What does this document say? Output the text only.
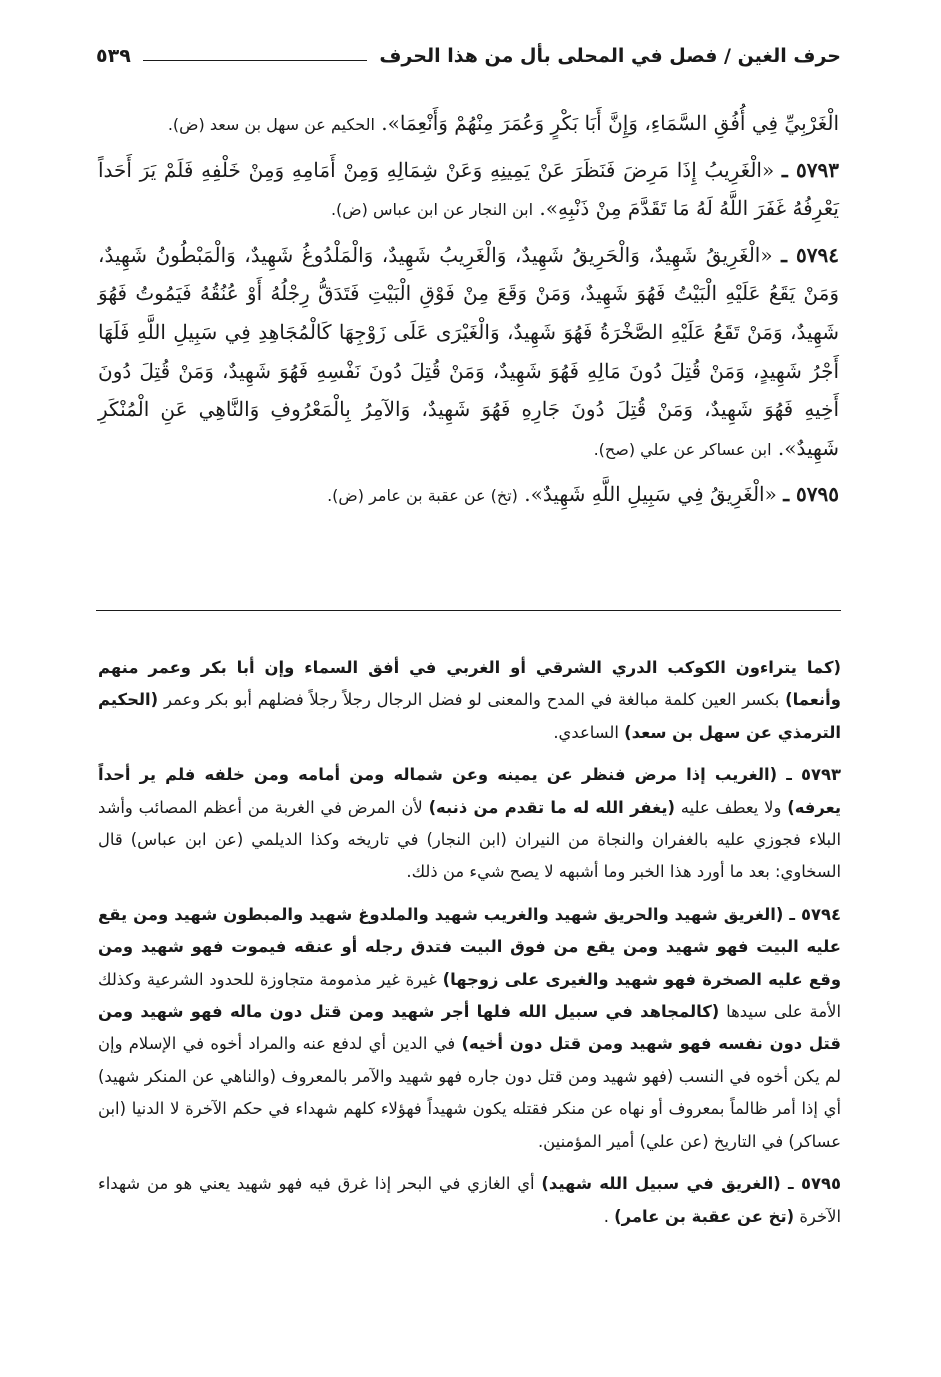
حرف الغين / فصل في المحلى بأل من هذا الحرف
٥٣٩

الْغَرْبِيِّ فِي أُفُقِ السَّمَاءِ، وَإِنَّ أَبَا بَكْرٍ وَعُمَرَ مِنْهُمْ وَأَنْعِمَا». الحكيم عن سهل بن سعد (ض).

٥٧٩٣ ـ «الْغَرِيبُ إِذَا مَرِضَ فَنَظَرَ عَنْ يَمِينِهِ وَعَنْ شِمَالِهِ وَمِنْ أَمَامِهِ وَمِنْ خَلْفِهِ فَلَمْ يَرَ أَحَداً يَعْرِفُهُ غَفَرَ اللَّهُ لَهُ مَا تَقَدَّمَ مِنْ ذَنْبِهِ». ابن النجار عن ابن عباس (ض).

٥٧٩٤ ـ «الْغَرِيقُ شَهِيدٌ، وَالْحَرِيقُ شَهِيدٌ، وَالْغَرِيبُ شَهِيدٌ، وَالْمَلْدُوغُ شَهِيدٌ، وَالْمَبْطُونُ شَهِيدٌ، وَمَنْ يَقَعُ عَلَيْهِ الْبَيْتُ فَهُوَ شَهِيدٌ، وَمَنْ وَقَعَ مِنْ فَوْقِ الْبَيْتِ فَتَدَقُّ رِجْلُهُ أَوْ عُنُقُهُ فَيَمُوتُ فَهُوَ شَهِيدٌ، وَمَنْ تَقَعُ عَلَيْهِ الصَّخْرَةُ فَهُوَ شَهِيدٌ، وَالْغَيْرَى عَلَى زَوْجِهَا كَالْمُجَاهِدِ فِي سَبِيلِ اللَّهِ فَلَهَا أَجْرُ شَهِيدٍ، وَمَنْ قُتِلَ دُونَ مَالِهِ فَهُوَ شَهِيدٌ، وَمَنْ قُتِلَ دُونَ نَفْسِهِ فَهُوَ شَهِيدٌ، وَمَنْ قُتِلَ دُونَ أَخِيهِ فَهُوَ شَهِيدٌ، وَمَنْ قُتِلَ دُونَ جَارِهِ فَهُوَ شَهِيدٌ، وَالآمِرُ بِالْمَعْرُوفِ وَالنَّاهِي عَنِ الْمُنْكَرِ شَهِيدٌ». ابن عساكر عن علي (صح).

٥٧٩٥ ـ «الْغَرِيقُ فِي سَبِيلِ اللَّهِ شَهِيدٌ». (تخ) عن عقبة بن عامر (ض).

(كما يتراءون الكوكب الدري الشرقي أو الغربي في أفق السماء وإن أبا بكر وعمر منهم وأنعما) بكسر العين كلمة مبالغة في المدح والمعنى لو فضل الرجال رجلاً رجلاً فضلهم أبو بكر وعمر (الحكيم الترمذي عن سهل بن سعد) الساعدي.

٥٧٩٣ ـ (الغريب إذا مرض فنظر عن يمينه وعن شماله ومن أمامه ومن خلفه فلم ير أحداً يعرفه) ولا يعطف عليه (يغفر الله له ما تقدم من ذنبه) لأن المرض في الغربة من أعظم المصائب وأشد البلاء فجوزي عليه بالغفران والنجاة من النيران (ابن النجار) في تاريخه وكذا الديلمي (عن ابن عباس) قال السخاوي: بعد ما أورد هذا الخبر وما أشبهه لا يصح شيء من ذلك.

٥٧٩٤ ـ (الغريق شهيد والحريق شهيد والغريب شهيد والملدوغ شهيد والمبطون شهيد ومن يقع عليه البيت فهو شهيد ومن يقع من فوق البيت فتدق رجله أو عنقه فيموت فهو شهيد ومن وقع عليه الصخرة فهو شهيد والغيرى على زوجها) غيرة غير مذمومة متجاوزة للحدود الشرعية وكذلك الأمة على سيدها (كالمجاهد في سبيل الله فلها أجر شهيد ومن قتل دون ماله فهو شهيد ومن قتل دون نفسه فهو شهيد ومن قتل دون أخيه) في الدين أي لدفع عنه والمراد أخوه في الإسلام وإن لم يكن أخوه في النسب (فهو شهيد ومن قتل دون جاره فهو شهيد والآمر بالمعروف (والناهي عن المنكر شهيد) أي إذا أمر ظالماً بمعروف أو نهاه عن منكر فقتله يكون شهيداً فهؤلاء كلهم شهداء في حكم الآخرة لا الدنيا (ابن عساكر) في التاريخ (عن علي) أمير المؤمنين.

٥٧٩٥ ـ (الغريق في سبيل الله شهيد) أي الغازي في البحر إذا غرق فيه فهو شهيد يعني هو من شهداء الآخرة (تخ عن عقبة بن عامر) .
